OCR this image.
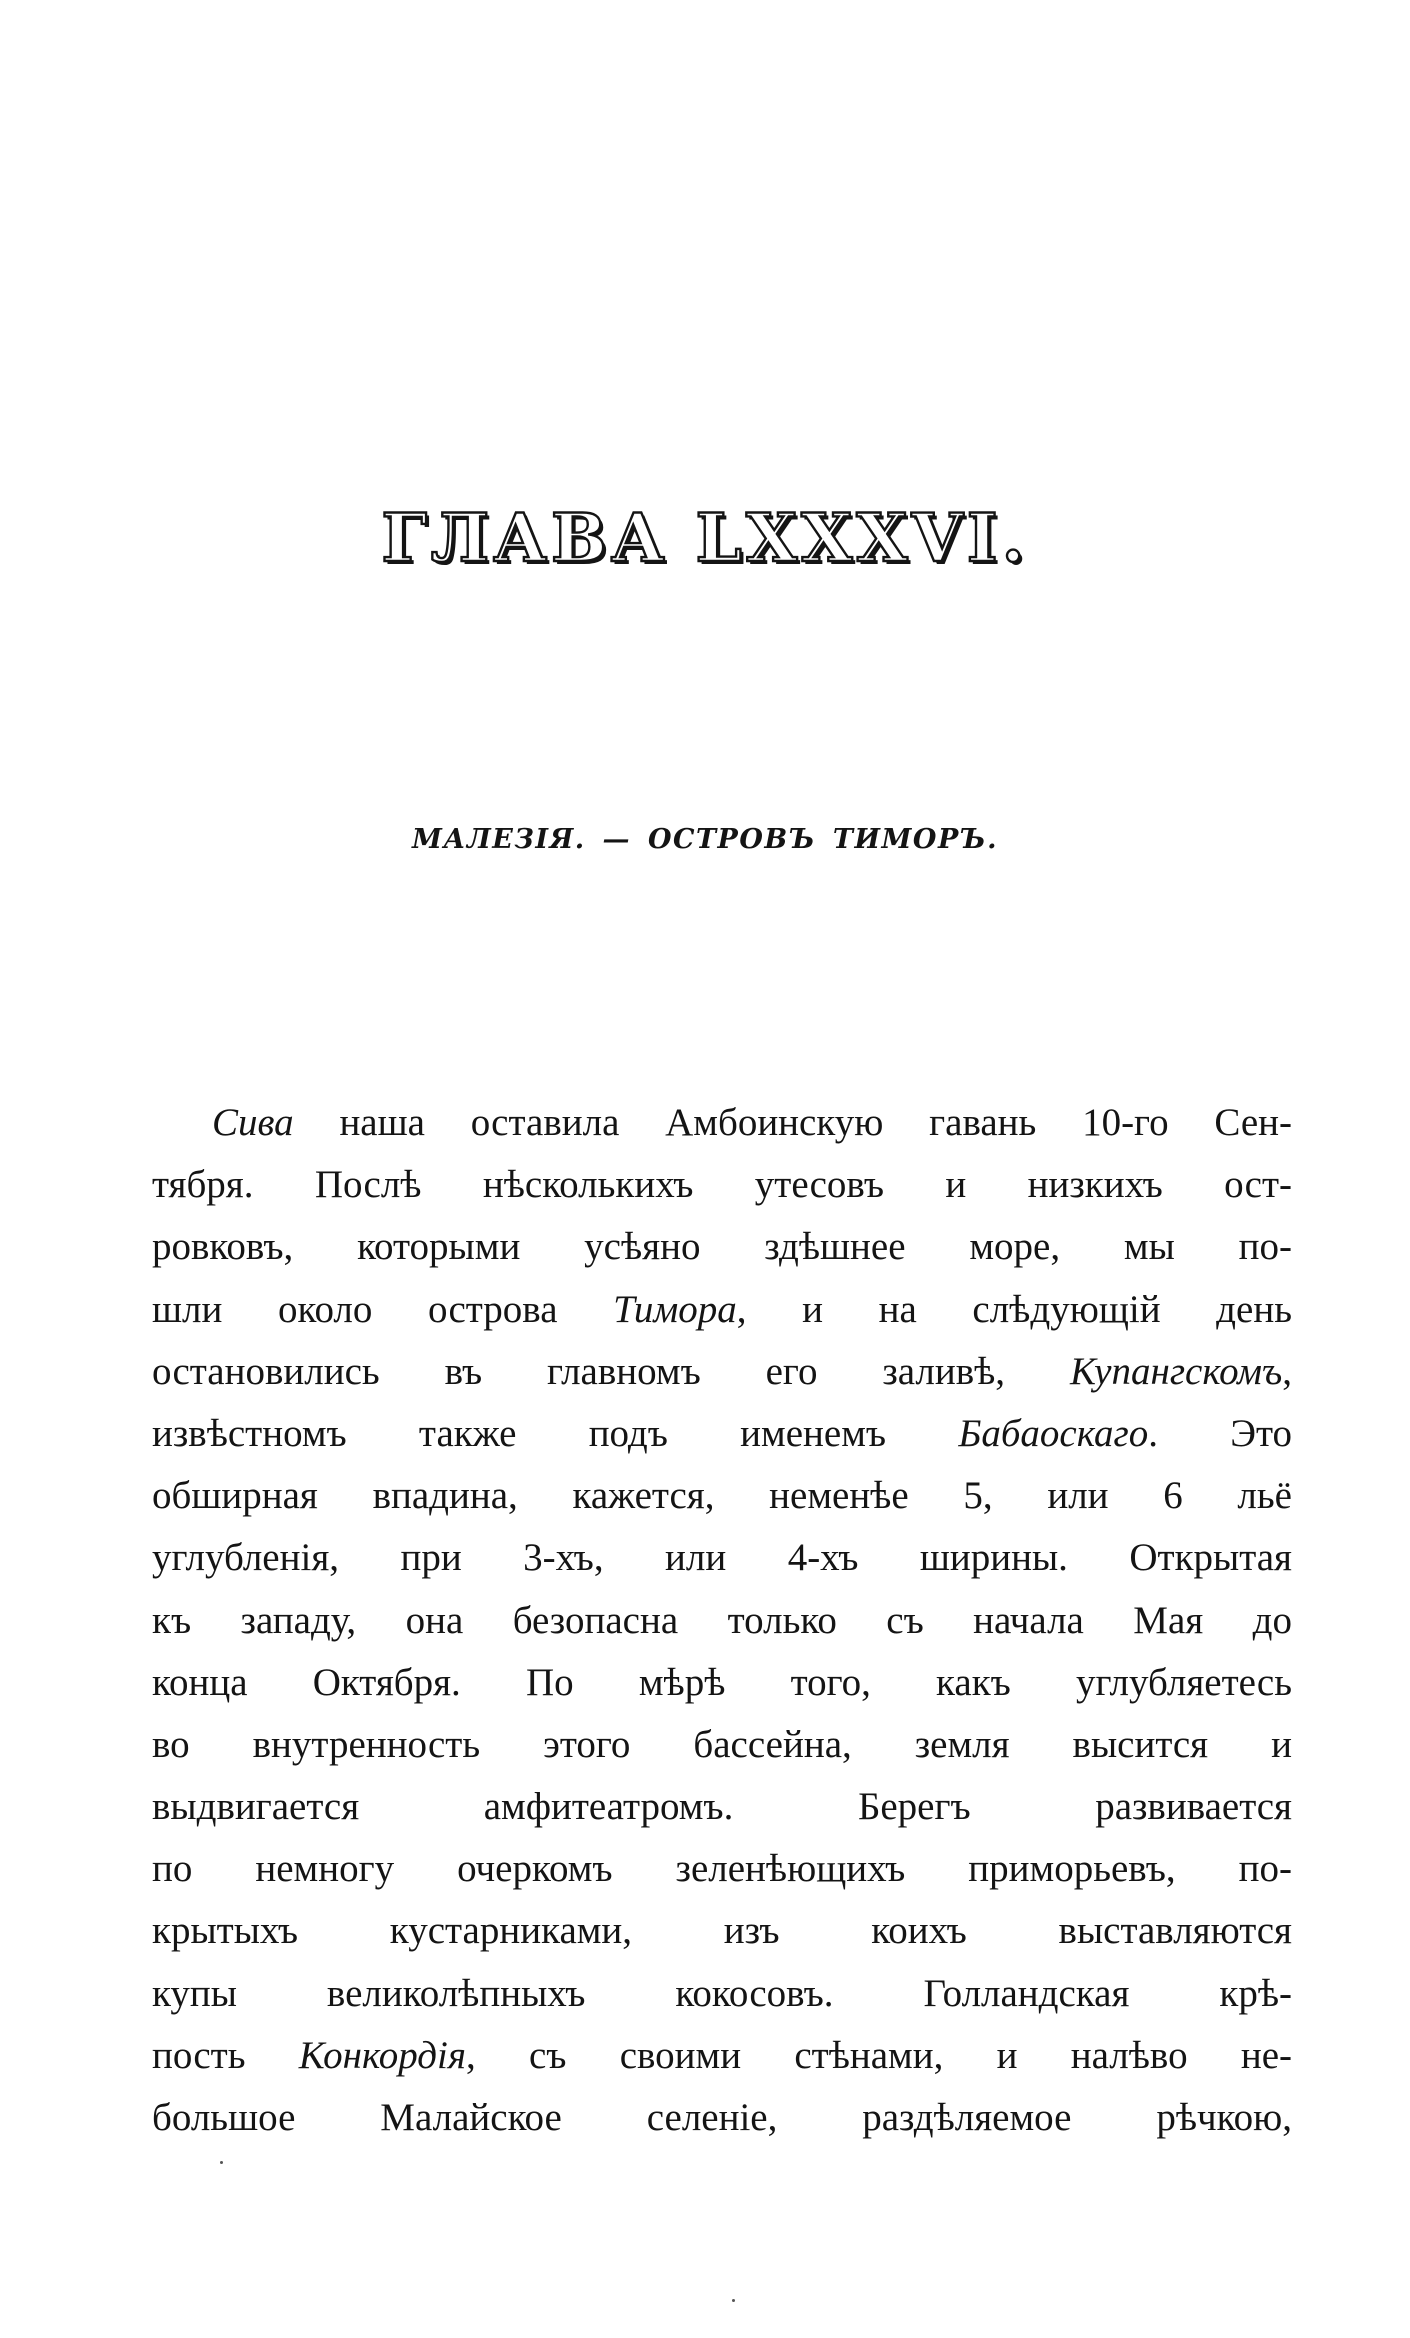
ГЛАВА LXXXVI.
МАЛЕЗІЯ. — ОСТРОВЪ ТИМОРЪ.
Сива наша оставила Амбоинскую гавань 10-го Сен-
тября. Послѣ нѣсколькихъ утесовъ и низкихъ ост-
ровковъ, которыми усѣяно здѣшнее море, мы по-
шли около острова Тимора, и на слѣдующій день
остановились въ главномъ его заливѣ, Купангскомъ,
извѣстномъ также подъ именемъ Бабаоскаго. Это
обширная впадина, кажется, неменѣе 5, или 6 льё
углубленія, при 3-хъ, или 4-хъ ширины. Открытая
къ западу, она безопасна только съ начала Мая до
конца Октября. По мѣрѣ того, какъ углубляетесь
во внутренность этого бассейна, земля высится и
выдвигается амфитеатромъ. Берегъ развивается
по немногу очеркомъ зеленѣющихъ приморьевъ, по-
крытыхъ кустарниками, изъ коихъ выставляются
купы великолѣпныхъ кокосовъ. Голландская крѣ-
пость Конкордія, съ своими стѣнами, и налѣво не-
большое Малайское селеніе, раздѣляемое рѣчкою,
